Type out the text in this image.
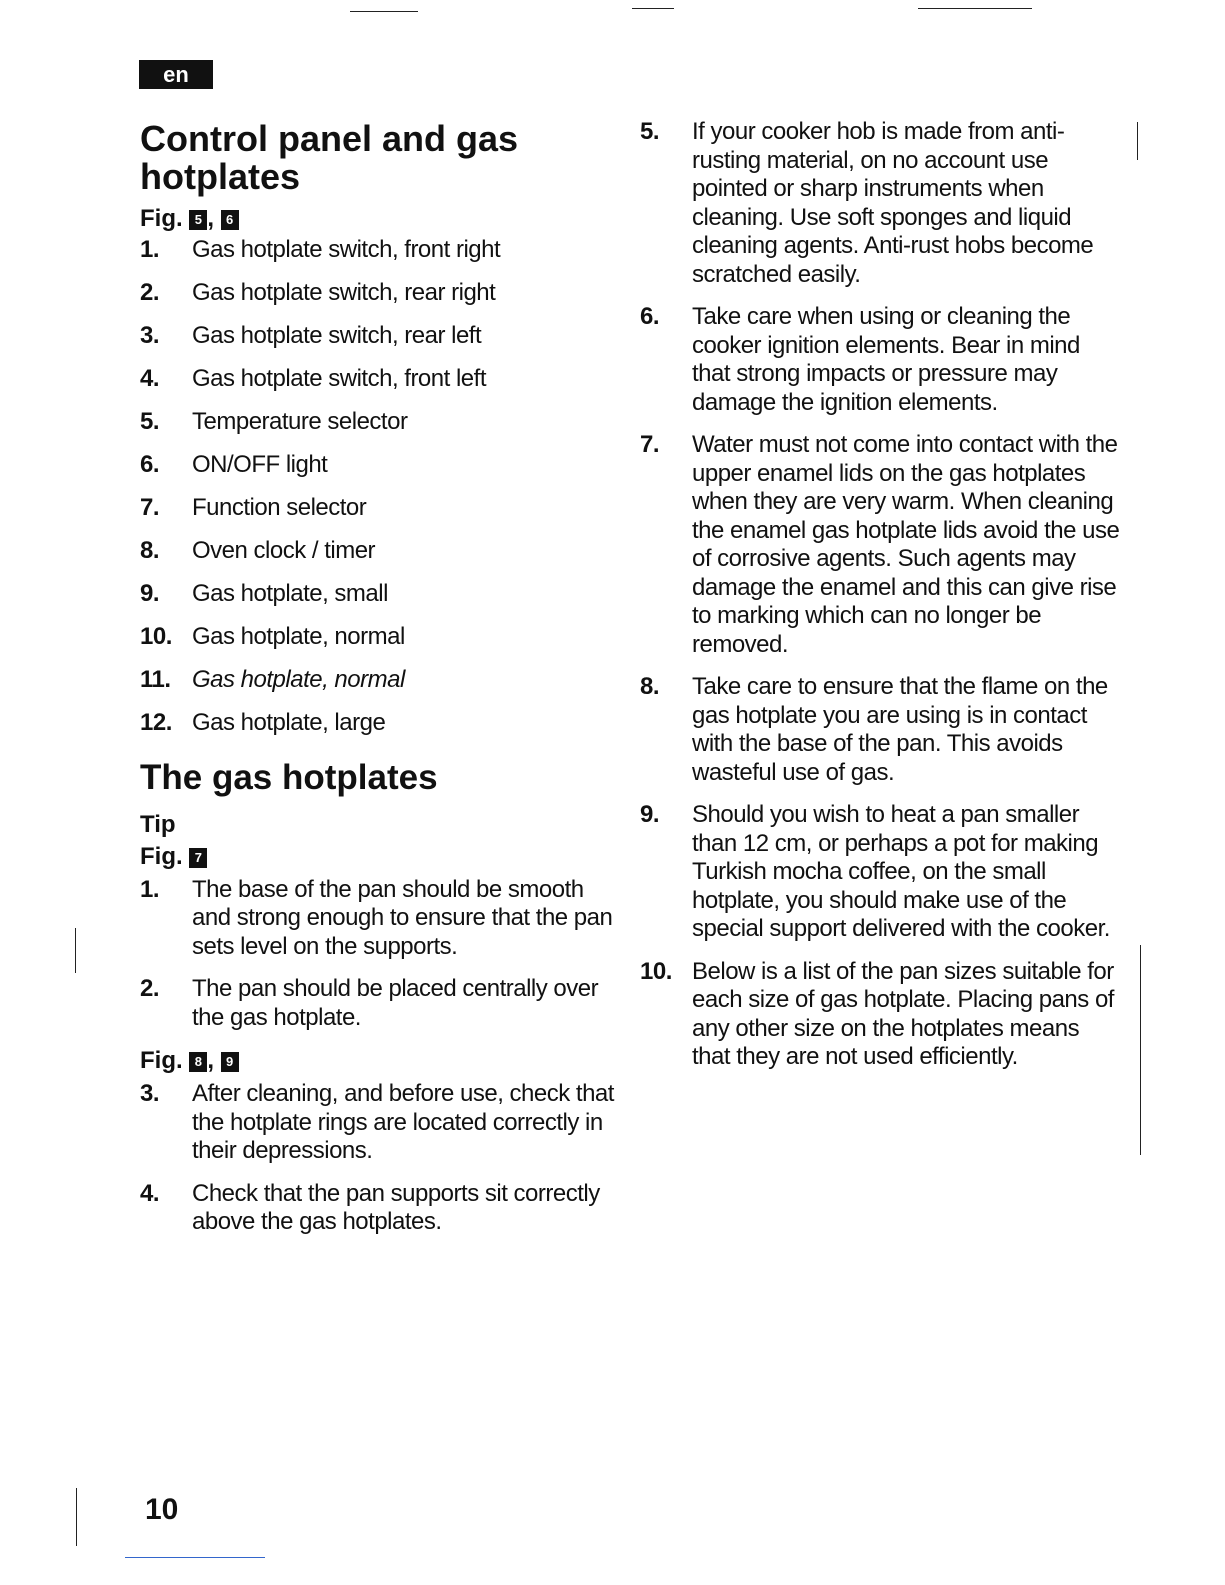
en
Control panel and gas hotplates
Fig. 5 , 6
1.	Gas hotplate switch, front right
2.	Gas hotplate switch, rear right
3.	Gas hotplate switch, rear left
4.	Gas hotplate switch, front left
5.	Temperature selector
6.	ON/OFF light
7.	Function selector
8.	Oven clock / timer
9.	Gas hotplate, small
10. Gas hotplate, normal
11. Gas hotplate, normal
12. Gas hotplate, large
The gas hotplates
Tip
Fig. 7
1.	The base of the pan should be smooth and strong enough to ensure that the pan sets level on the supports.
2.	The pan should be placed centrally over the gas hotplate.
Fig. 8 , 9
3.	After cleaning, and before use, check that the hotplate rings are located correctly in their depressions.
4.	Check that the pan supports sit correctly above the gas hotplates.
5.	If your cooker hob is made from anti-rusting material, on no account use pointed or sharp instruments when cleaning. Use soft sponges and liquid cleaning agents. Anti-rust hobs become scratched easily.
6.	Take care when using or cleaning the cooker ignition elements. Bear in mind that strong impacts or pressure may damage the ignition elements.
7.	Water must not come into contact with the upper enamel lids on the gas hotplates when they are very warm. When cleaning the enamel gas hotplate lids avoid the use of corrosive agents. Such agents may damage the enamel and this can give rise to marking which can no longer be removed.
8.	Take care to ensure that the flame on the gas hotplate you are using is in contact with the base of the pan. This avoids wasteful use of gas.
9.	Should you wish to heat a pan smaller than 12 cm, or perhaps a pot for making Turkish mocha coffee, on the small hotplate, you should make use of the special support delivered with the cooker.
10. Below is a list of the pan sizes suitable for each size of gas hotplate. Placing pans of any other size on the hotplates means that they are not used efficiently.
10
